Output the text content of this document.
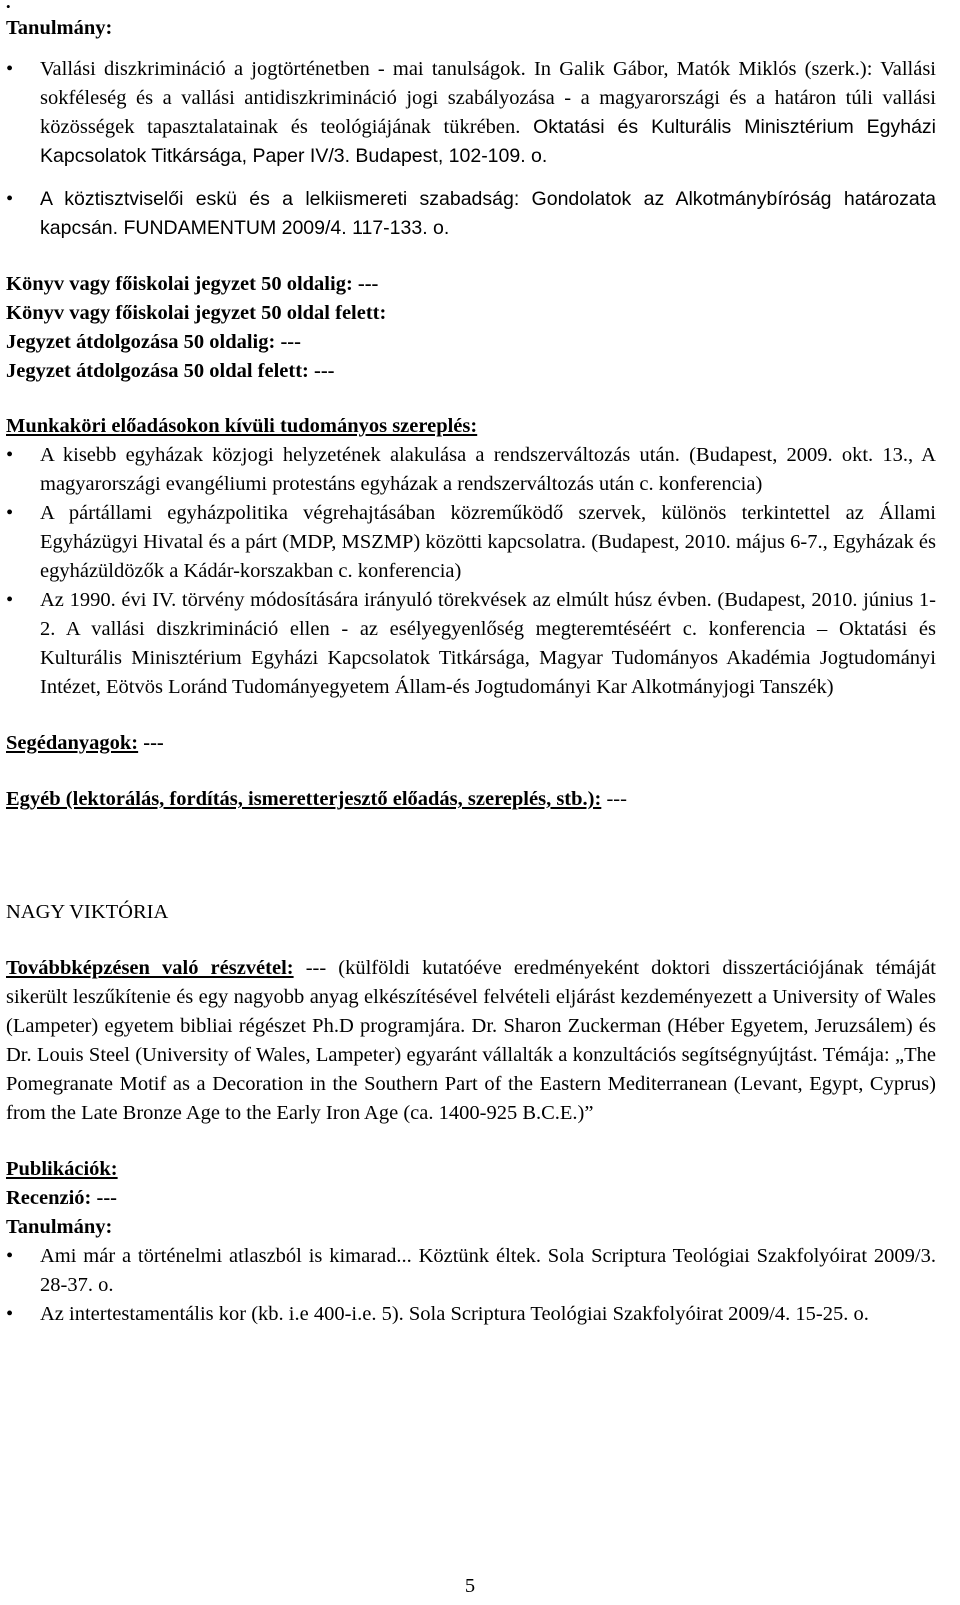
•

Tanulmány:

• Vallási diszkrimináció a jogtörténetben - mai tanulságok. In Galik Gábor, Matók Miklós (szerk.): Vallási sokféleség és a vallási antidiszkrimináció jogi szabályozása - a magyarországi és a határon túli vallási közösségek tapasztalatainak és teológiájának tükrében. Oktatási és Kulturális Minisztérium Egyházi Kapcsolatok Titkársága, Paper IV/3. Budapest, 102-109. o.
• A köztisztviselői eskü és a lelkiismereti szabadság: Gondolatok az Alkotmánybíróság határozata kapcsán. FUNDAMENTUM 2009/4. 117-133. o.

Könyv vagy főiskolai jegyzet 50 oldalig: ---

Könyv vagy főiskolai jegyzet 50 oldal felett:

Jegyzet átdolgozása 50 oldalig: ---

Jegyzet átdolgozása 50 oldal felett: ---

Munkaköri előadásokon kívüli tudományos szereplés:

• A kisebb egyházak közjogi helyzetének alakulása a rendszerváltozás után. (Budapest, 2009. okt. 13., A magyarországi evangéliumi protestáns egyházak a rendszerváltozás után c. konferencia)
• A pártállami egyházpolitika végrehajtásában közreműködő szervek, különös terkintettel az Állami Egyházügyi Hivatal és a párt (MDP, MSZMP) közötti kapcsolatra. (Budapest, 2010. május 6-7., Egyházak és egyházüldözők a Kádár-korszakban c. konferencia)
• Az 1990. évi IV. törvény módosítására irányuló törekvések az elmúlt húsz évben. (Budapest, 2010. június 1-2. A vallási diszkrimináció ellen - az esélyegyenlőség megteremtéséért c. konferencia – Oktatási és Kulturális Minisztérium Egyházi Kapcsolatok Titkársága, Magyar Tudományos Akadémia Jogtudományi Intézet, Eötvös Loránd Tudományegyetem Állam-és Jogtudományi Kar Alkotmányjogi Tanszék)

Segédanyagok: ---

Egyéb (lektorálás, fordítás, ismeretterjesztő előadás, szereplés, stb.): ---

NAGY VIKTÓRIA

Továbbképzésen való részvétel: --- (külföldi kutatóéve eredményeként doktori disszertációjának témáját sikerült leszűkítenie és egy nagyobb anyag elkészítésével felvételi eljárást kezdeményezett a University of Wales (Lampeter) egyetem bibliai régészet Ph.D programjára. Dr. Sharon Zuckerman (Héber Egyetem, Jeruzsálem) és Dr. Louis Steel (University of Wales, Lampeter) egyaránt vállalták a konzultációs segítségnyújtást. Témája: „The Pomegranate Motif as a Decoration in the Southern Part of the Eastern Mediterranean (Levant, Egypt, Cyprus) from the Late Bronze Age to the Early Iron Age (ca. 1400-925 B.C.E.)”

Publikációk:

Recenzió: ---

Tanulmány:

• Ami már a történelmi atlaszból is kimarad... Köztünk éltek. Sola Scriptura Teológiai Szakfolyóirat 2009/3. 28-37. o.
• Az intertestamentális kor (kb. i.e 400-i.e. 5). Sola Scriptura Teológiai Szakfolyóirat 2009/4. 15-25. o.
5
